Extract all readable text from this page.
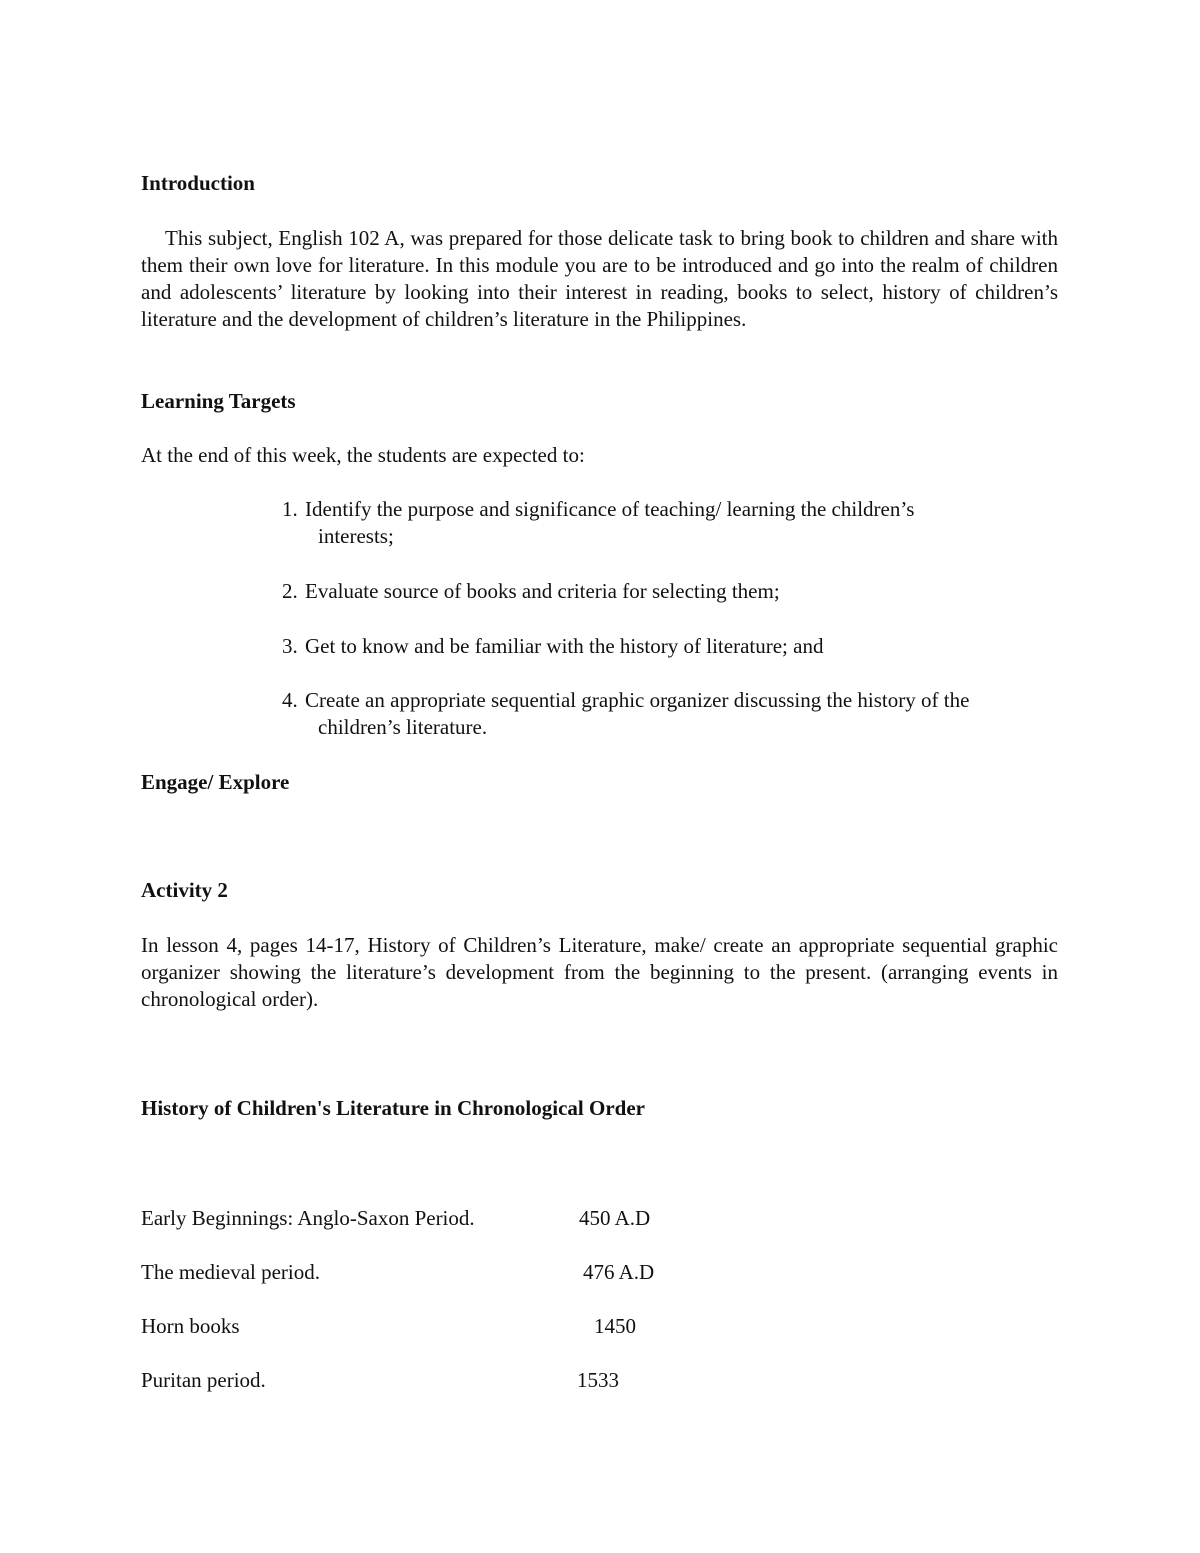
Introduction
This subject, English 102 A, was prepared for those delicate task to bring book to children and share with them their own love for literature. In this module you are to be introduced and go into the realm of children and adolescents’ literature by looking into their interest in reading, books to select, history of children’s literature and the development of children’s literature in the Philippines.
Learning Targets
At the end of this week, the students are expected to:
1. Identify the purpose and significance of teaching/ learning the children’s
interests;
2. Evaluate source of books and criteria for selecting them;
3. Get to know and be familiar with the history of literature; and
4. Create an appropriate sequential graphic organizer discussing the history of the
children’s literature.
Engage/ Explore
Activity 2
In lesson 4, pages 14-17, History of Children’s Literature, make/ create an appropriate sequential graphic organizer showing the literature’s development from the beginning to the present. (arranging events in chronological order).
History of Children's Literature in Chronological Order
Early Beginnings: Anglo-Saxon Period.	450 A.D
The medieval period.	476 A.D
Horn books	1450
Puritan period.	1533
